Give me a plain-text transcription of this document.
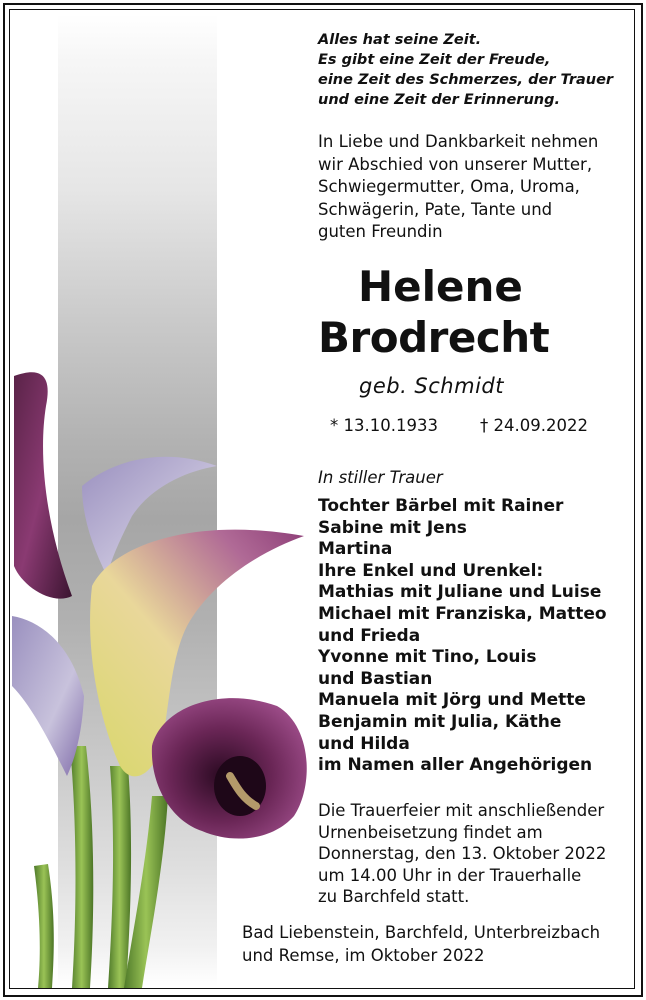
Alles hat seine Zeit.
Es gibt eine Zeit der Freude,
eine Zeit des Schmerzes, der Trauer
und eine Zeit der Erinnerung.
In Liebe und Dankbarkeit nehmen
wir Abschied von unserer Mutter,
Schwiegermutter, Oma, Uroma,
Schwägerin, Pate, Tante und
guten Freundin
Helene
Brodrecht
geb. Schmidt
* 13.10.1933	† 24.09.2022
In stiller Trauer
Tochter Bärbel mit Rainer
Sabine mit Jens
Martina
Ihre Enkel und Urenkel:
Mathias mit Juliane und Luise
Michael mit Franziska, Matteo
und Frieda
Yvonne mit Tino, Louis
und Bastian
Manuela mit Jörg und Mette
Benjamin mit Julia, Käthe
und Hilda
im Namen aller Angehörigen
Die Trauerfeier mit anschließender
Urnenbeisetzung findet am
Donnerstag, den 13. Oktober 2022
um 14.00 Uhr in der Trauerhalle
zu Barchfeld statt.
Bad Liebenstein, Barchfeld, Unterbreizbach
und Remse, im Oktober 2022
